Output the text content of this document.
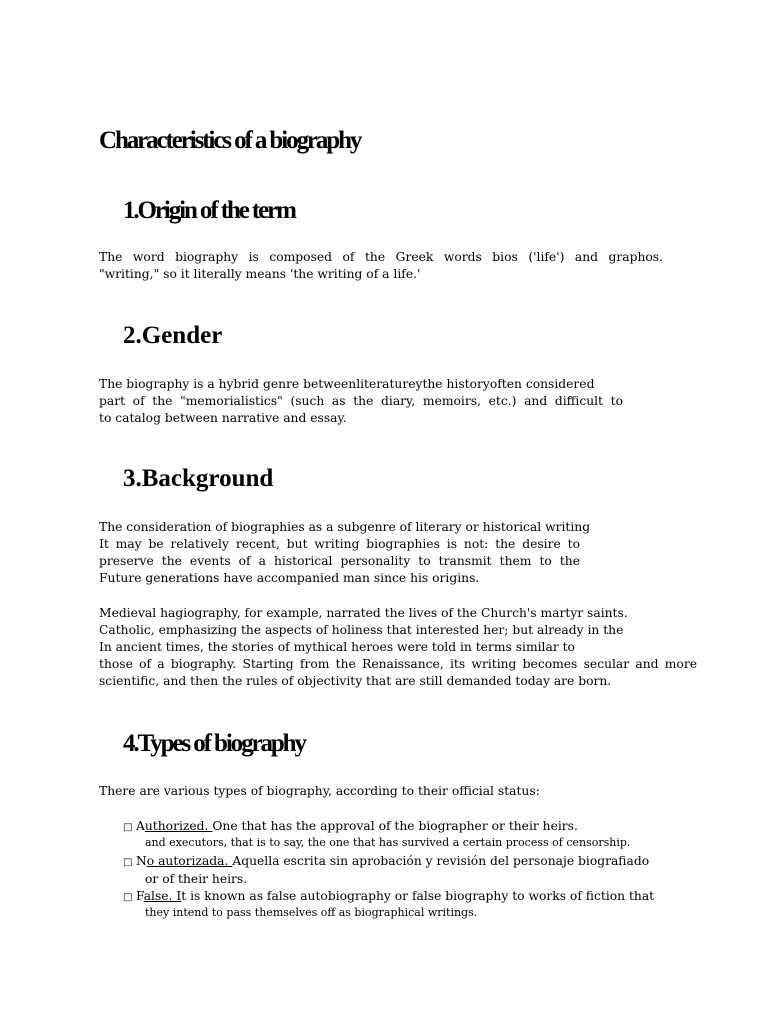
Characteristics of a biography
1.Origin of the term
The word biography is composed of the Greek words bios ('life') and graphos.
"writing," so it literally means 'the writing of a life.'
2.Gender
The biography is a hybrid genre betweenliteratureythe historyoften considered
part of the "memorialistics" (such as the diary, memoirs, etc.) and difficult to
to catalog between narrative and essay.
3.Background
The consideration of biographies as a subgenre of literary or historical writing
It may be relatively recent, but writing biographies is not: the desire to
preserve the events of a historical personality to transmit them to the
Future generations have accompanied man since his origins.
Medieval hagiography, for example, narrated the lives of the Church's martyr saints.
Catholic, emphasizing the aspects of holiness that interested her; but already in the
In ancient times, the stories of mythical heroes were told in terms similar to
those of a biography. Starting from the Renaissance, its writing becomes secular and more
scientific, and then the rules of objectivity that are still demanded today are born.
4.Types of biography
There are various types of biography, according to their official status:
□ Authorized. One that has the approval of the biographer or their heirs.
and executors, that is to say, the one that has survived a certain process of censorship.
□ No autorizada. Aquella escrita sin aprobación y revisión del personaje biografiado
or of their heirs.
□ False. It is known as false autobiography or false biography to works of fiction that
they intend to pass themselves off as biographical writings.
